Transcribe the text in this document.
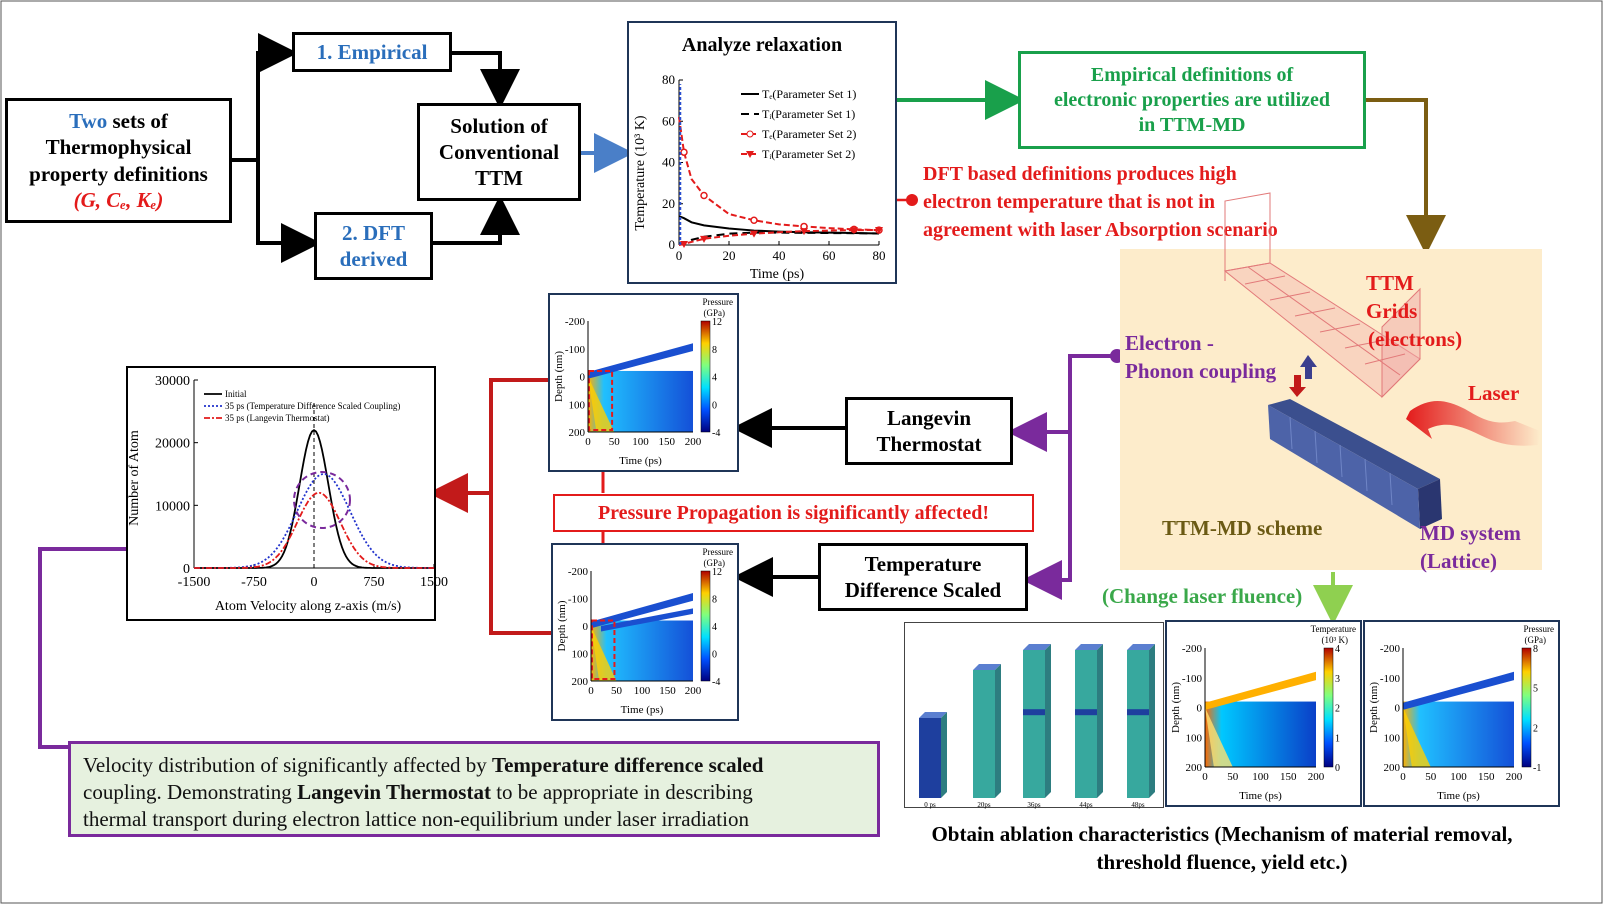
Two sets of
Thermophysical
property definitions
(G, Cₑ, Kₑ)
1. Empirical
2. DFT
derived
Solution of
Conventional
TTM
Analyze relaxation
Temperature (10³ K)
Time (ps)
0	20	40	60	80
0
20
40
60
80
Tₑ(Parameter Set 1)
Tᵢ(Parameter Set 1)
Tₑ(Parameter Set 2)
Tᵢ(Parameter Set 2)
Empirical definitions of
electronic properties are utilized
in TTM-MD
DFT based definitions produces high
electron temperature that is not in
agreement with laser Absorption scenario
TTM
Grids
(electrons)
Laser
TTM-MD scheme	MD system
(Lattice)
Electron -
Phonon coupling
Langevin
Thermostat
Temperature
Difference Scaled
Pressure Propagation is significantly affected!
-200
-100
0
100
200
0 50 100 150 200
Time (ps)
Depth (nm)
12
8
4
0
-4
Pressure
(GPa)
-200
-100
0
100
200
0 50 100 150 200
Time (ps)
Depth (nm)
12
8
4
0
-4
Pressure
(GPa)
-200
-100
0
100
200
0 50 100 150 200
Time (ps)
Depth (nm)
4
3
2
1
0
Temperature
(10³ K)
-200
-100
0
100
200
0 50 100 150 200
Time (ps)
Depth (nm)
8
5
2
-1
Pressure
(GPa)
Number of Atom
Atom Velocity along z-axis (m/s)
-1500 -750	0	750	1500
0
10000
20000
30000
Initial
35 ps (Temperature Difference Scaled Coupling)
35 ps (Langevin Thermostat)
Velocity distribution of significantly affected by Temperature difference scaled
coupling. Demonstrating Langevin Thermostat to be appropriate in describing
thermal transport during electron lattice non-equilibrium under laser irradiation
(Change laser fluence)
0 ps	20ps	36ps	44ps	48ps
Obtain ablation characteristics (Mechanism of material removal,
threshold fluence, yield etc.)
